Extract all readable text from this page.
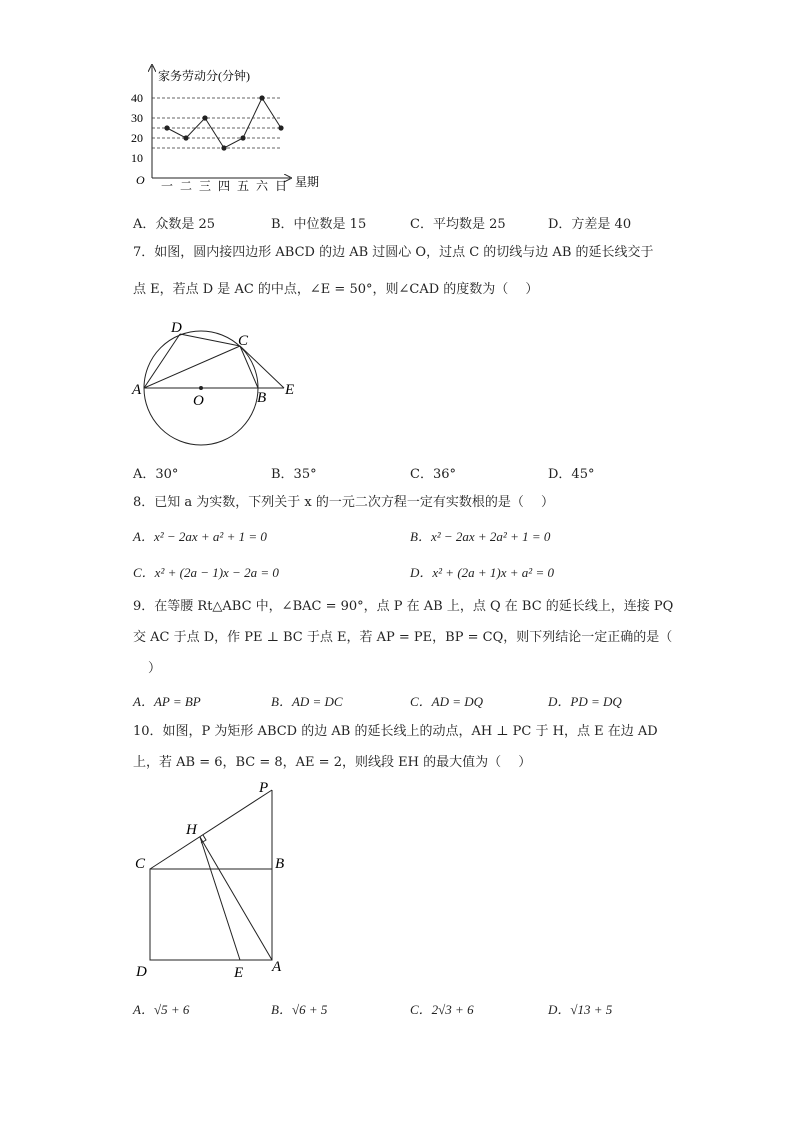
家务劳动分(分钟)
星期
O
40
30
20
10
一 二 三 四 五 六 日
A．众数是 25	B．中位数是 15	C．平均数是 25	D．方差是 40
7．如图，圆内接四边形 ABCD 的边 AB 过圆心 O，过点 C 的切线与边 AB 的延长线交于
点 E，若点 D 是 AC 的中点，∠E = 50°，则∠CAD 的度数为（　 ）
D
C
A
O	B E
A．30°	B．35°	C．36°	D．45°
8．已知 a 为实数，下列关于 x 的一元二次方程一定有实数根的是（　 ）
A．x² − 2ax + a² + 1 = 0	B．x² − 2ax + 2a² + 1 = 0
C．x² + (2a − 1)x − 2a = 0	D．x² + (2a + 1)x + a² = 0
9．在等腰 Rt△ABC 中，∠BAC = 90°，点 P 在 AB 上，点 Q 在 BC 的延长线上，连接 PQ
交 AC 于点 D，作 PE ⊥ BC 于点 E，若 AP = PE，BP = CQ，则下列结论一定正确的是（
）
A．AP = BP	B．AD = DC	C．AD = DQ	D．PD = DQ
10．如图，P 为矩形 ABCD 的边 AB 的延长线上的动点，AH ⊥ PC 于 H，点 E 在边 AD
上，若 AB = 6，BC = 8，AE = 2，则线段 EH 的最大值为（　 ）
P
H
C	B
D	E A
A．√5 + 6	B．√6 + 5	C．2√3 + 6	D．√13 + 5
